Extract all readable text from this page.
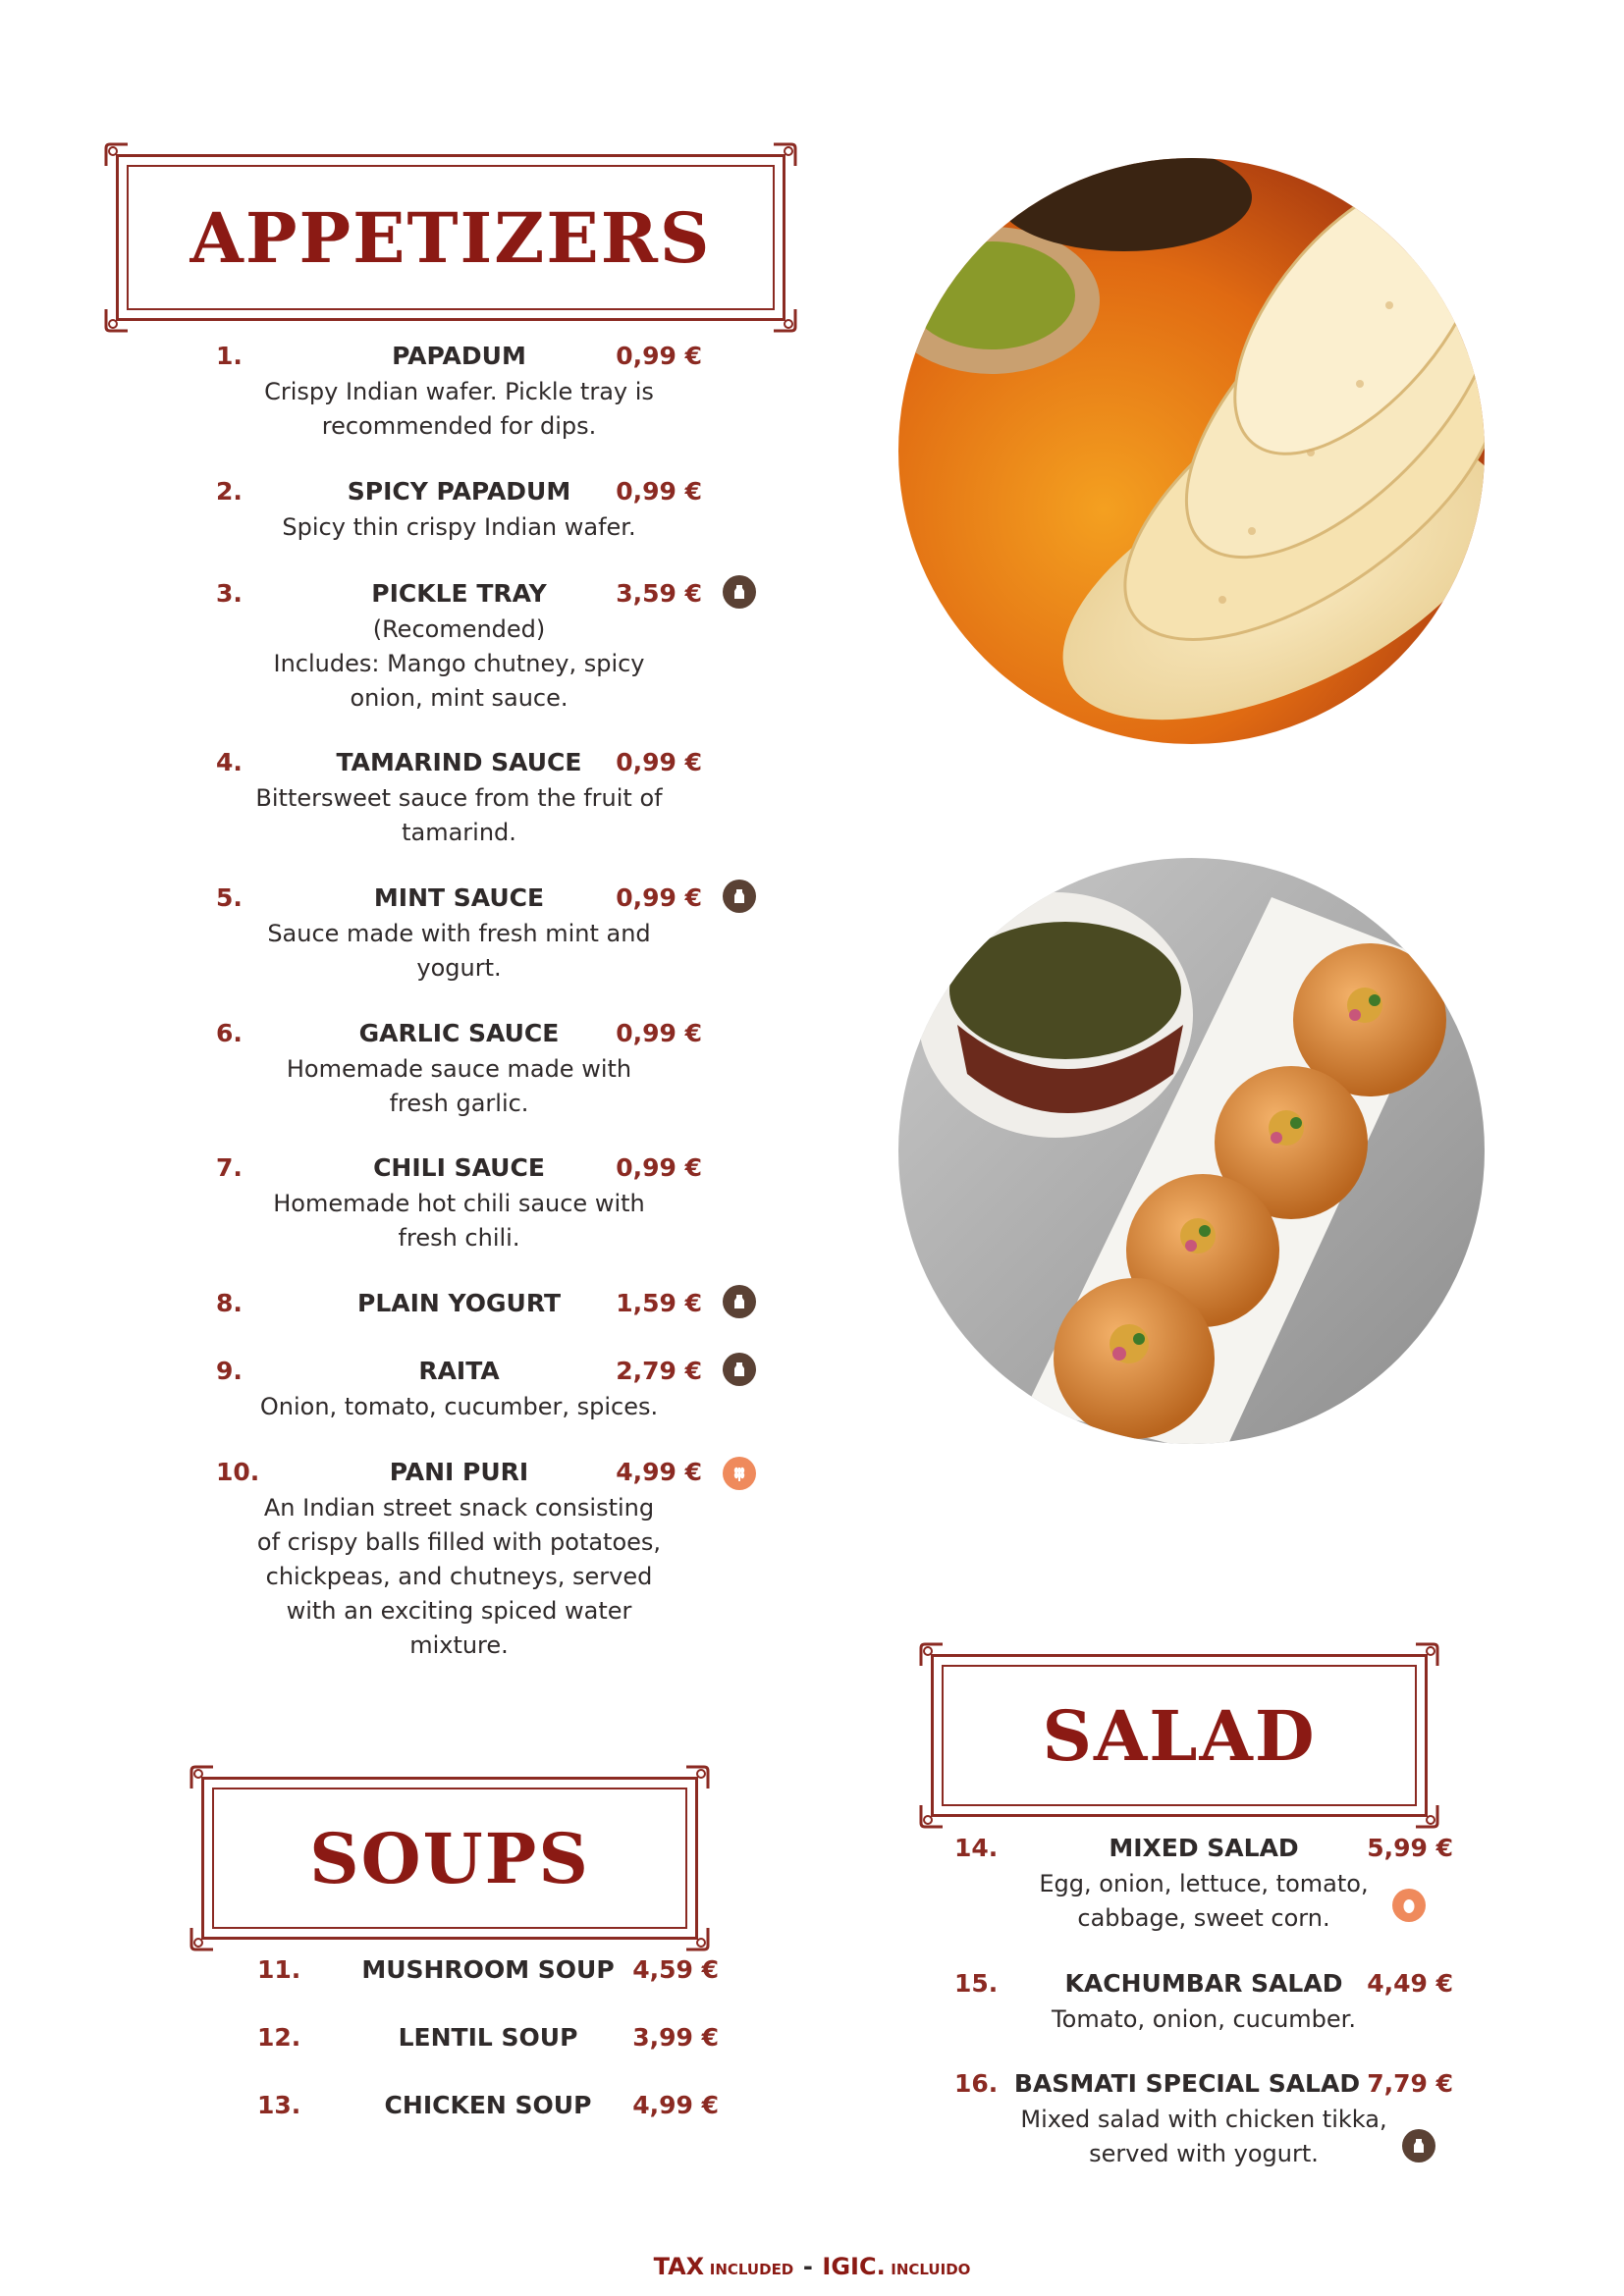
APPETIZERS
1.	PAPADUM	0,99 €
Crispy Indian wafer. Pickle tray is
recommended for dips.
2.	SPICY PAPADUM	0,99 €
Spicy thin crispy Indian wafer.
3.	PICKLE TRAY	3,59 €
(Recomended)
Includes: Mango chutney, spicy
onion, mint sauce.
4.	TAMARIND SAUCE	0,99 €
Bittersweet sauce from the fruit of
tamarind.
5.	MINT SAUCE	0,99 €
Sauce made with fresh mint and
yogurt.
6.	GARLIC SAUCE	0,99 €
Homemade sauce made with
fresh garlic.
7.	CHILI SAUCE	0,99 €
Homemade hot chili sauce with
fresh chili.
8.	PLAIN YOGURT	1,59 €
9.	RAITA	2,79 €
Onion, tomato, cucumber, spices.
10.	PANI PURI	4,99 €
An Indian street snack consisting
of crispy balls filled with potatoes,
chickpeas, and chutneys, served
with an exciting spiced water
mixture.
SOUPS
11.	MUSHROOM SOUP 4,59 €
12.	LENTIL SOUP	3,99 €
13.	CHICKEN SOUP	4,99 €
SALAD
14.	MIXED SALAD	5,99 €
Egg, onion, lettuce, tomato,
cabbage, sweet corn.
15.	KACHUMBAR SALAD 4,49 €
Tomato, onion, cucumber.
16. BASMATI SPECIAL SALAD 7,79 €
Mixed salad with chicken tikka,
served with yogurt.
TAX INCLUDED - IGIC. INCLUIDO
